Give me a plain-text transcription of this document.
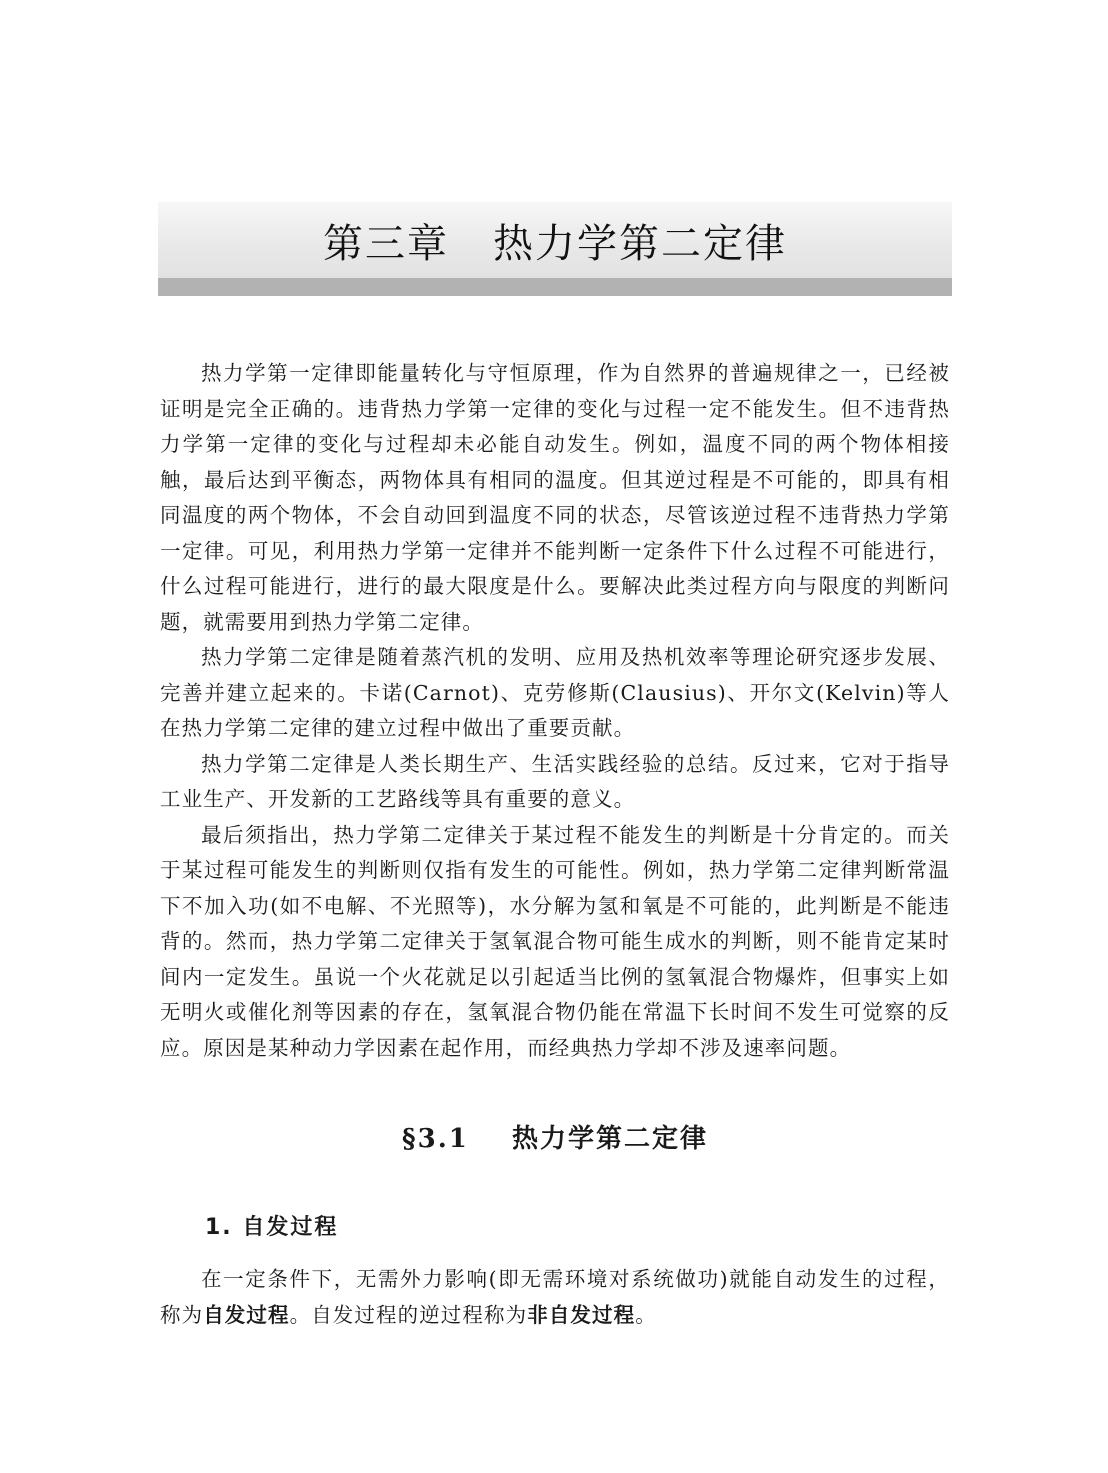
第三章 热力学第二定律

热力学第一定律即能量转化与守恒原理，作为自然界的普遍规律之一，已经被证明是完全正确的。违背热力学第一定律的变化与过程一定不能发生。但不违背热力学第一定律的变化与过程却未必能自动发生。例如，温度不同的两个物体相接触，最后达到平衡态，两物体具有相同的温度。但其逆过程是不可能的，即具有相同温度的两个物体，不会自动回到温度不同的状态，尽管该逆过程不违背热力学第一定律。可见，利用热力学第一定律并不能判断一定条件下什么过程不可能进行，什么过程可能进行，进行的最大限度是什么。要解决此类过程方向与限度的判断问题，就需要用到热力学第二定律。

热力学第二定律是随着蒸汽机的发明、应用及热机效率等理论研究逐步发展、完善并建立起来的。卡诺(Carnot)、克劳修斯(Clausius)、开尔文(Kelvin)等人在热力学第二定律的建立过程中做出了重要贡献。

热力学第二定律是人类长期生产、生活实践经验的总结。反过来，它对于指导工业生产、开发新的工艺路线等具有重要的意义。

最后须指出，热力学第二定律关于某过程不能发生的判断是十分肯定的。而关于某过程可能发生的判断则仅指有发生的可能性。例如，热力学第二定律判断常温下不加入功(如不电解、不光照等)，水分解为氢和氧是不可能的，此判断是不能违背的。然而，热力学第二定律关于氢氧混合物可能生成水的判断，则不能肯定某时间内一定发生。虽说一个火花就足以引起适当比例的氢氧混合物爆炸，但事实上如无明火或催化剂等因素的存在，氢氧混合物仍能在常温下长时间不发生可觉察的反应。原因是某种动力学因素在起作用，而经典热力学却不涉及速率问题。

§3.1 热力学第二定律
1. 自发过程

在一定条件下，无需外力影响(即无需环境对系统做功)就能自动发生的过程，称为自发过程。自发过程的逆过程称为非自发过程。
